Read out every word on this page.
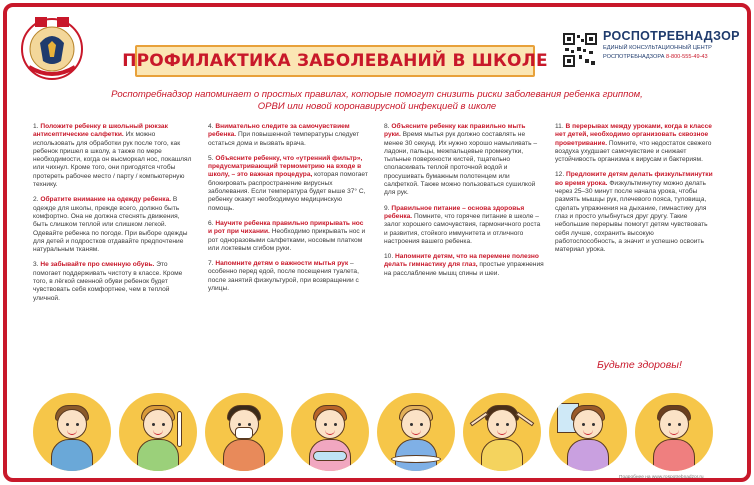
ПРОФИЛАКТИКА ЗАБОЛЕВАНИЙ В ШКОЛЕ
РОСПОТРЕБНАДЗОР
ЕДИНЫЙ КОНСУЛЬТАЦИОННЫЙ ЦЕНТР
РОСПОТРЕБНАДЗОРА 8-800-555-49-43
Роспотребнадзор напоминает о простых правилах, которые помогут снизить риски заболевания ребенка гриппом, ОРВИ или новой коронавирусной инфекцией в школе

1. Положите ребенку в школьный рюкзак антисептические салфетки. Их можно использовать для обработки рук после того, как ребенок пришел в школу, а также по мере необходимости, когда он высморкал нос, покашлял или чихнул. Кроме того, они пригодятся чтобы протереть рабочее место / парту / компьютерную технику.

2. Обратите внимание на одежду ребенка. В одежде для школы, прежде всего, должно быть комфортно. Она не должна стеснять движения, быть слишком теплой или слишком легкой. Одевайте ребенка по погоде. При выборе одежды для детей и подростков отдавайте предпочтение натуральным тканям.

3. Не забывайте про сменную обувь. Это помогает поддерживать чистоту в классе. Кроме того, в лёгкой сменной обуви ребенок будет чувствовать себя комфортнее, чем в теплой уличной.

4. Внимательно следите за самочувствием ребенка. При повышенной температуры следует остаться дома и вызвать врача.

5. Объясните ребенку, что «утренний фильтр», предусматривающий термометрию на входе в школу, – это важная процедура, которая помогает блокировать распространение вирусных заболевания. Если температура будет выше 37° С, ребенку окажут необходимую медицинскую помощь.

6. Научите ребенка правильно прикрывать нос и рот при чихании. Необходимо прикрывать нос и рот одноразовыми салфетками, носовым платком или локтевым сгибом руки.

7. Напомните детям о важности мытья рук – особенно перед едой, после посещения туалета, после занятий физкультурой, при возвращении с улицы.

8. Объясните ребенку как правильно мыть руки. Время мытья рук должно составлять не менее 30 секунд. Их нужно хорошо намыливать – ладони, пальцы, межпальцевые промежутки, тыльные поверхности кистей, тщательно споласкивать теплой проточной водой и просушивать бумажным полотенцем или салфеткой. Также можно пользоваться сушилкой для рук.

9. Правильное питание – основа здоровья ребенка. Помните, что горячее питание в школе – залог хорошего самочувствия, гармоничного роста и развития, стойкого иммунитета и отличного настроения вашего ребенка.

10. Напомните детям, что на перемене полезно делать гимнастику для глаз, простые упражнения на расслабление мышц спины и шеи.

11. В перерывах между уроками, когда в классе нет детей, необходимо организовать сквозное проветривание. Помните, что недостаток свежего воздуха ухудшает самочувствие и снижает устойчивость организма к вирусам и бактериям.

12. Предложите детям делать физкультминутки во время урока. Физкультминутку можно делать через 25–30 минут после начала урока, чтобы размять мышцы рук, плечевого пояса, туловища, сделать упражнения на дыхание, гимнастику для глаз и просто улыбнуться друг другу. Такие небольшие перерывы помогут детям чувствовать себя лучше, сохранить высокую работоспособность, а значит и успешно освоить материал урока.

Будьте здоровы!
Подробнее на www.rospotrebnadzor.ru
